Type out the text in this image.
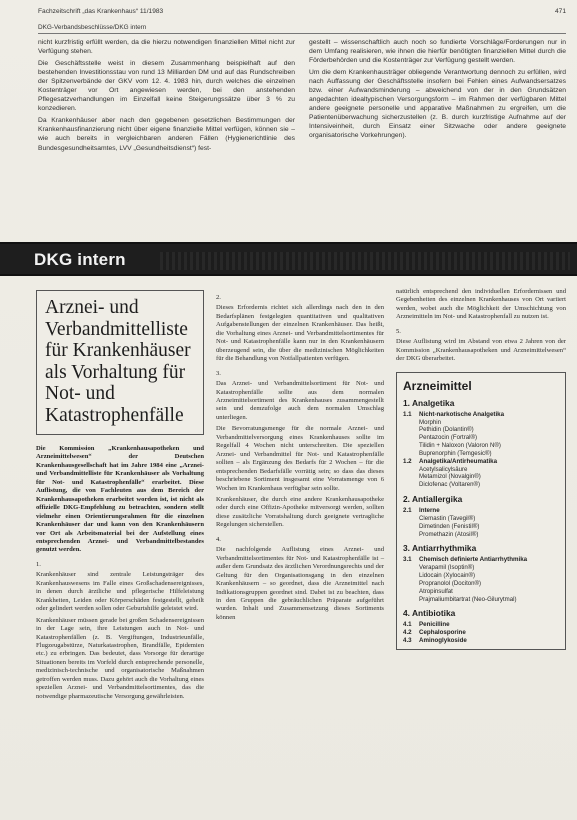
Fachzeitschrift „das Krankenhaus“ 11/1983	471
DKG-Verbandsbeschlüsse/DKG intern

nicht kurzfristig erfüllt werden, da die hierzu notwendigen finanziellen Mittel nicht zur Verfügung stehen.

Die Geschäftsstelle weist in diesem Zusammenhang beispielhaft auf den bestehenden Investitionsstau von rund 13 Milliarden DM und auf das Rundschreiben der Spitzenverbände der GKV vom 12. 4. 1983 hin, durch welches die einzelnen Kostenträger vor Ort angewiesen werden, bei den anstehenden Pflegesatzverhandlungen im Einzelfall keine Steigerungssätze über 3 % zu konzedieren.

Da Krankenhäuser aber nach den gegebenen gesetzlichen Bestimmungen der Krankenhausfinanzierung nicht über eigene finanzielle Mittel verfügen, können sie – wie auch bereits in vergleichbaren anderen Fällen (Hygienerichtlinie des Bundesgesundheitsamtes, LVV „Gesundheitsdienst“) fest-

gestellt – wissenschaftlich auch noch so fundierte Vorschläge/Forderungen nur in dem Umfang realisieren, wie ihnen die hierfür benötigten finanziellen Mittel durch die Förderbehörden und die Kostenträger zur Verfügung gestellt werden.

Um die dem Krankenhausträger obliegende Verantwortung dennoch zu erfüllen, wird nach Auffassung der Geschäftsstelle insofern bei Fehlen eines Aufwandsersatzes bzw. einer Aufwandsminderung – abweichend von der in den Grundsätzen angedachten idealtypischen Versorgungsform – im Rahmen der verfügbaren Mittel andere geeignete personelle und apparative Maßnahmen zu ergreifen, um die Patientenüberwachung sicherzustellen (z. B. durch kurzfristige Aufnahme auf der Intensiveinheit, durch Einsatz einer Sitzwache oder andere geeignete organisatorische Vorkehrungen).

DKG intern
Arznei- und Verbandmittelliste für Krankenhäuser als Vorhaltung für Not- und Katastrophenfälle
Die Kommission „Krankenhausapotheken und Arzneimittelwesen“ der Deutschen Krankenhausgesellschaft hat im Jahre 1984 eine „Arznei- und Verbandmittelliste für Krankenhäuser als Vorhaltung für Not- und Katastrophenfälle“ erarbeitet. Diese Auflistung, die von Fachleuten aus dem Bereich der Krankenhausapotheken erarbeitet worden ist, ist nicht als offizielle DKG-Empfehlung zu betrachten, sondern stellt vielmehr einen Orientierungsrahmen für die einzelnen Krankenhäuser dar und kann von den Krankenhäusern vor Ort als Arbeitsmaterial bei der Aufstellung eines entsprechenden Arznei- und Verbandmittelbestandes genutzt werden.
1.

Krankenhäuser sind zentrale Leistungsträger des Krankenhauswesens im Falle eines Großschadensereignisses, in denen durch ärztliche und pflegerische Hilfeleistung Krankheiten, Leiden oder Körperschäden festgestellt, geheilt oder gelindert werden sollen oder Geburtshilfe geleistet wird.

Krankenhäuser müssen gerade bei großen Schadensereignissen in der Lage sein, ihre Leistungen auch in Not- und Katastrophenfällen (z. B. Vergiftungen, Industrieunfälle, Flugzeugabstürze, Naturkatastrophen, Brandfälle, Epidemien etc.) zu erbringen. Das bedeutet, dass Vorsorge für derartige Situationen bereits im Vorfeld durch entsprechende personelle, medizinisch-technische und organisatorische Maßnahmen getroffen werden muss. Dazu gehört auch die Vorhaltung eines speziellen Arznei- und Verbandmittelsortimentes, das die notwendige pharmazeutische Versorgung gewährleisten.

2.

Dieses Erfordernis richtet sich allerdings nach den in den Bedarfsplänen festgelegten quantitativen und qualitativen Aufgabenstellungen der einzelnen Krankenhäuser. Das heißt, die Vorhaltung eines Arznei- und Verbandmittelsortimentes für Not- und Katastrophenfälle kann nur in den Krankenhäusern überzeugend sein, die über die medizinischen Möglichkeiten für die Behandlung von Notfallpatienten verfügen.

3.

Das Arznei- und Verbandmittelsortiment für Not- und Katastrophenfälle sollte aus dem normalen Arzneimittelsortiment des Krankenhauses zusammengestellt sein und demzufolge auch dem normalen Umschlag unterliegen.

Die Bevorratungsmenge für die normale Arznei- und Verbandmittelversorgung eines Krankenhauses sollte im Regelfall 4 Wochen nicht unterschreiten. Die speziellen Arznei- und Verbandmittel für Not- und Katastrophenfälle sollten – als Ergänzung des Bedarfs für 2 Wochen – für die entsprechenden Bedarfsfälle vorrätig sein; so dass das dieses beschriebene Sortiment insgesamt eine Vorratsmenge von 6 Wochen im Krankenhaus verfügbar sein sollte.

Krankenhäuser, die durch eine andere Krankenhausapotheke oder durch eine Offizin-Apotheke mitversorgt werden, sollten diese zusätzliche Vorratshaltung durch geeignete vertragliche Regelungen sicherstellen.

4.

Die nachfolgende Auflistung eines Arznei- und Verbandmittelsortimentes für Not- und Katastrophenfälle ist – außer dem Grundsatz des ärztlichen Verordnungsrechts und der Geltung für den Organisationsgang in den einzelnen Krankenhäusern – so geordnet, dass die Arzneimittel nach Indikationsgruppen geordnet sind. Dabei ist zu beachten, dass in den Gruppen die gebräuchlichen Präparate aufgeführt wurden. Inhalt und Zusammensetzung dieses Sortiments können

natürlich entsprechend den individuellen Erfordernissen und Gegebenheiten des einzelnen Krankenhauses von Ort variiert werden, wobei auch die Möglichkeit der Umschichtung von Arzneimitteln im Not- und Katastrophenfall zu nutzen ist.

5.
Diese Auflistung wird im Abstand von etwa 2 Jahren von der Kommission „Krankenhausapotheken und Arzneimittelwesen“ der DKG überarbeitet.
Arzneimittel
1. Analgetika
1.1	Nicht-narkotische Analgetika
Morphin
Pethidin (Dolantin®)
Pentazocin (Fortral®)
Tilidin + Naloxon (Valoron N®)
Buprenorphin (Temgesic®)
1.2	Analgetika/Antirheumatika
Acetylsalicylsäure
Metamizol (Novalgin®)
Diclofenac (Voltaren®)
2. Antiallergika
2.1	Interne
Clemastin (Tavegil®)
Dimetinden (Fenistil®)
Promethazin (Atosil®)
3. Antiarrhythmika
3.1	Chemisch definierte Antiarrhythmika
Verapamil (Isoptin®)
Lidocain (Xylocain®)
Propranolol (Dociton®)
Atropinsulfat
Prajmaliumbitartrat (Neo-Gilurytmal)
4. Antibiotika
4.1	Penicilline
4.2	Cephalosporine
4.3	Aminoglykoside
